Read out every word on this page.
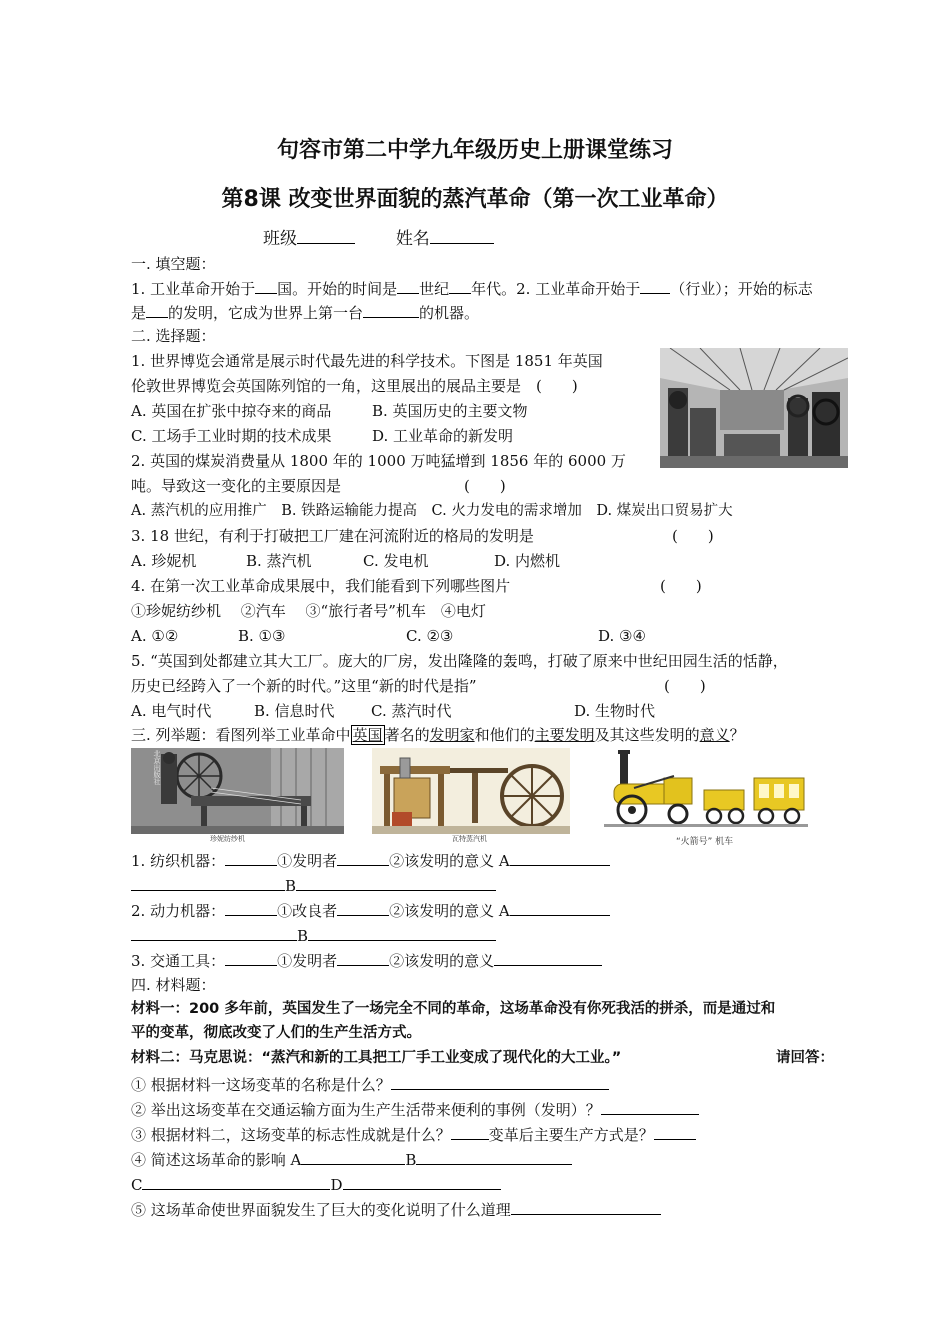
句容市第二中学九年级历史上册课堂练习
第8课 改变世界面貌的蒸汽革命（第一次工业革命）
班级	姓名
一. 填空题：
1. 工业革命开始于 国。开始的时间是 世纪 年代。2. 工业革命开始于 （行业）；开始的标志
是 的发明，它成为世界上第一台	的机器。
二. 选择题：
1. 世界博览会通常是展示时代最先进的科学技术。下图是 1851 年英国
伦敦世界博览会英国陈列馆的一角，这里展出的展品主要是　(　　)
A. 英国在扩张中掠夺来的商品	B. 英国历史的主要文物
C. 工场手工业时期的技术成果	D. 工业革命的新发明
2. 英国的煤炭消费量从 1800 年的 1000 万吨猛增到 1856 年的 6000 万
吨。导致这一变化的主要原因是	(　　)
A. 蒸汽机的应用推广　B. 铁路运输能力提高　C. 火力发电的需求增加　D. 煤炭出口贸易扩大
3. 18 世纪，有利于打破把工厂建在河流附近的格局的发明是	(　　)
A. 珍妮机	B. 蒸汽机	C. 发电机	D. 内燃机
4. 在第一次工业革命成果展中，我们能看到下列哪些图片	(　　)
①珍妮纺纱机　 ②汽车　 ③“旅行者号”机车　④电灯
A. ①②	B. ①③	C. ②③	D. ③④
5. “英国到处都建立其大工厂。庞大的厂房，发出隆隆的轰鸣，打破了原来中世纪田园生活的恬静，
历史已经跨入了一个新的时代。”这里“新的时代是指”	(　　)
A. 电气时代	B. 信息时代 C. 蒸汽时代	D. 生物时代
三. 列举题：看图列举工业革命中 英国 著名的发明家和他们的主要发明及其这些发明的意义？
北京出版社
珍妮纺纱机	瓦特蒸汽机	“火箭号” 机车
1. 纺织机器：	①发明者	②该发明的意义 A
B
2. 动力机器：	①改良者	②该发明的意义 A
B
3. 交通工具：	①发明者	②该发明的意义
四. 材料题：
材料一：200 多年前，英国发生了一场完全不同的革命，这场革命没有你死我活的拼杀，而是通过和
平的变革，彻底改变了人们的生产生活方式。
材料二：马克思说：“蒸汽和新的工具把工厂手工业变成了现代化的大工业。”	请回答：
① 根据材料一这场变革的名称是什么？
② 举出这场变革在交通运输方面为生产生活带来便利的事例（发明）？
③ 根据材料二，这场变革的标志性成就是什么？	变革后主要生产方式是？
④ 简述这场革命的影响 A	B
C	D
⑤ 这场革命使世界面貌发生了巨大的变化说明了什么道理
